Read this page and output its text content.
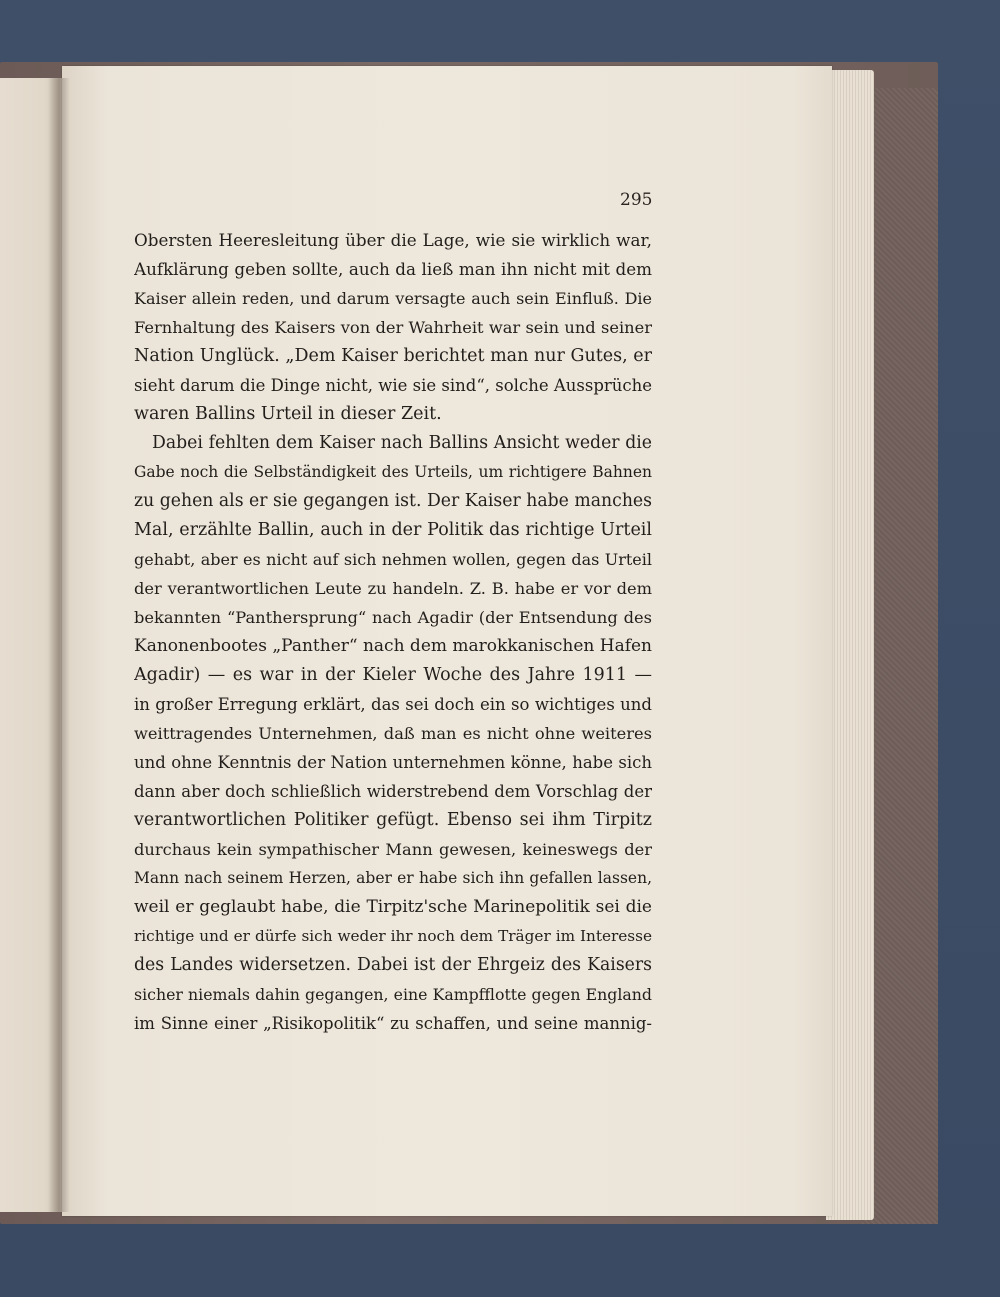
295
Obersten Heeresleitung über die Lage, wie sie wirklich war,
Aufklärung geben sollte, auch da ließ man ihn nicht mit dem
Kaiser allein reden, und darum versagte auch sein Einfluß. Die
Fernhaltung des Kaisers von der Wahrheit war sein und seiner
Nation Unglück. „Dem Kaiser berichtet man nur Gutes, er
sieht darum die Dinge nicht, wie sie sind“, solche Aussprüche
waren Ballins Urteil in dieser Zeit.
Dabei fehlten dem Kaiser nach Ballins Ansicht weder die
Gabe noch die Selbständigkeit des Urteils, um richtigere Bahnen
zu gehen als er sie gegangen ist. Der Kaiser habe manches
Mal, erzählte Ballin, auch in der Politik das richtige Urteil
gehabt, aber es nicht auf sich nehmen wollen, gegen das Urteil
der verantwortlichen Leute zu handeln. Z. B. habe er vor dem
bekannten “Panthersprung“ nach Agadir (der Entsendung des
Kanonenbootes „Panther“ nach dem marokkanischen Hafen
Agadir) — es war in der Kieler Woche des Jahre 1911 —
in großer Erregung erklärt, das sei doch ein so wichtiges und
weittragendes Unternehmen, daß man es nicht ohne weiteres
und ohne Kenntnis der Nation unternehmen könne, habe sich
dann aber doch schließlich widerstrebend dem Vorschlag der
verantwortlichen Politiker gefügt. Ebenso sei ihm Tirpitz
durchaus kein sympathischer Mann gewesen, keineswegs der
Mann nach seinem Herzen, aber er habe sich ihn gefallen lassen,
weil er geglaubt habe, die Tirpitz'sche Marinepolitik sei die
richtige und er dürfe sich weder ihr noch dem Träger im Interesse
des Landes widersetzen. Dabei ist der Ehrgeiz des Kaisers
sicher niemals dahin gegangen, eine Kampfflotte gegen England
im Sinne einer „Risikopolitik“ zu schaffen, und seine mannig-
